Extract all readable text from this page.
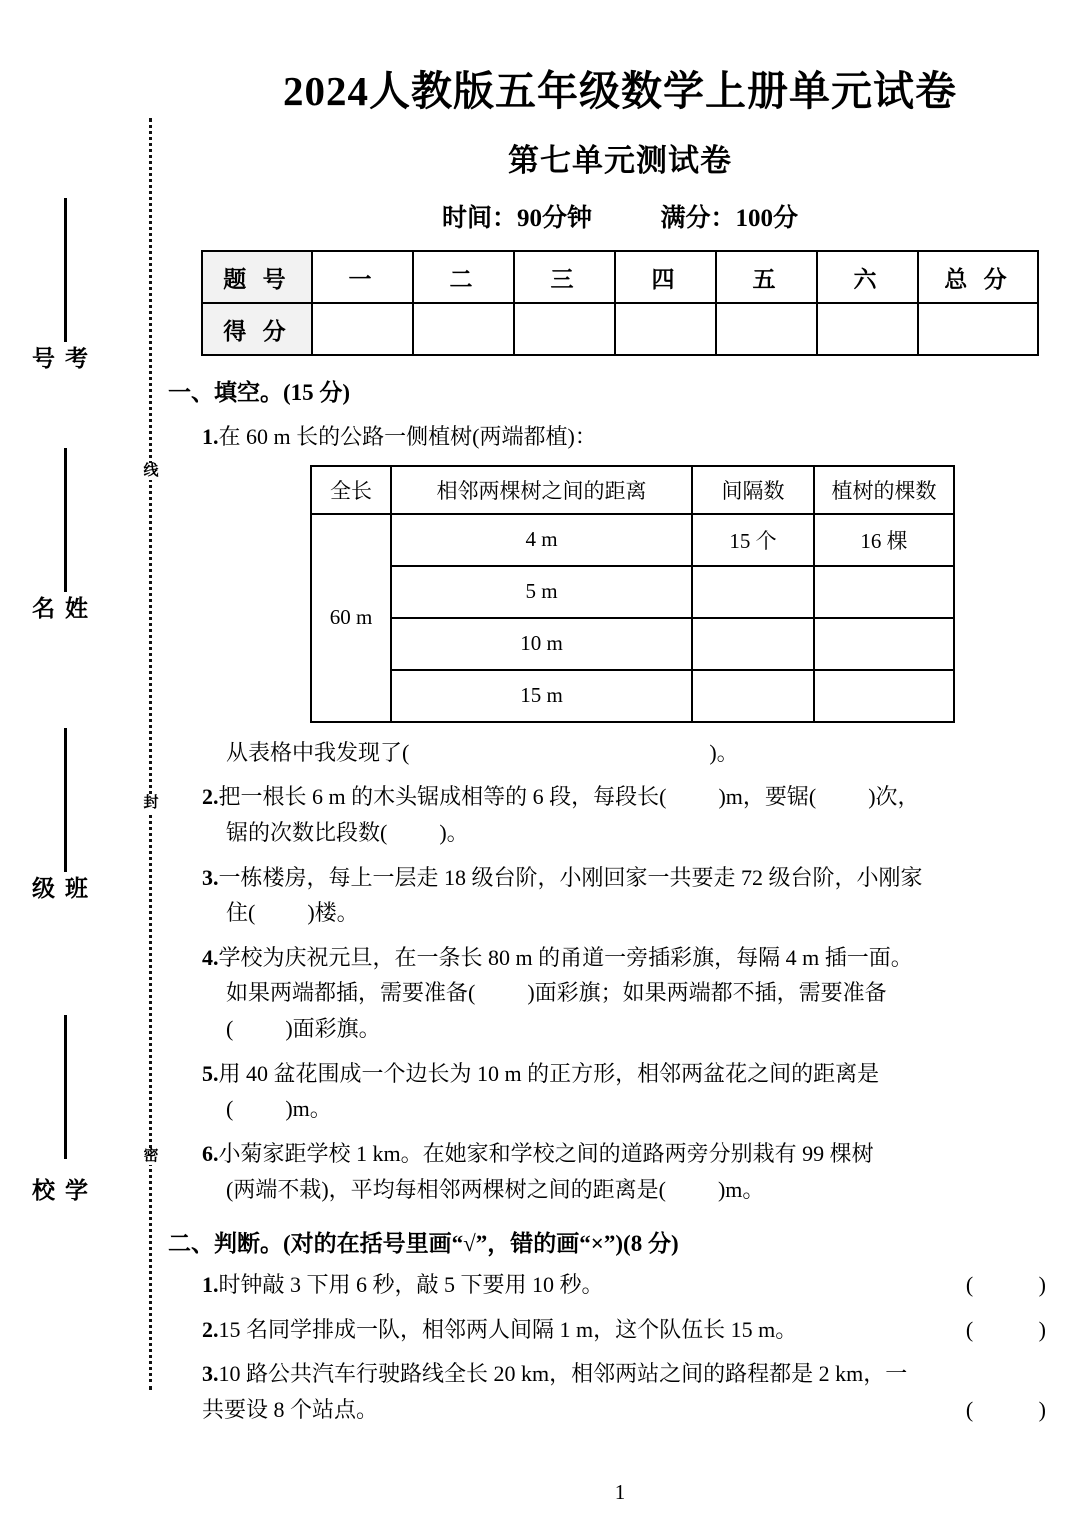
线
封
密
考号
姓名
班级
学校
2024人教版五年级数学上册单元试卷
第七单元测试卷

时间：90分钟	满分：100分

题 号	一	二	三	四	五	六	总 分
得 分							
一、填空。(15 分)
1.在 60 m 长的公路一侧植树(两端都植)：
全长	相邻两棵树之间的距离	间隔数	植树的棵数
60 m	4 m	15 个	16 棵
	5 m		
	10 m		
	15 m		
从表格中我发现了(	)。
2.把一根长 6 m 的木头锯成相等的 6 段，每段长( )m，要锯( )次，
锯的次数比段数( )。
3.一栋楼房，每上一层走 18 级台阶，小刚回家一共要走 72 级台阶，小刚家
住( )楼。
4.学校为庆祝元旦，在一条长 80 m 的甬道一旁插彩旗，每隔 4 m 插一面。
如果两端都插，需要准备( )面彩旗；如果两端都不插，需要准备
( )面彩旗。
5.用 40 盆花围成一个边长为 10 m 的正方形，相邻两盆花之间的距离是
( )m。
6.小菊家距学校 1 km。在她家和学校之间的道路两旁分别栽有 99 棵树
(两端不栽)，平均每相邻两棵树之间的距离是( )m。
二、判断。(对的在括号里画“√”，错的画“×”)(8 分)
1.时钟敲 3 下用 6 秒，敲 5 下要用 10 秒。	( )
2.15 名同学排成一队，相邻两人间隔 1 m，这个队伍长 15 m。	( )
3.10 路公共汽车行驶路线全长 20 km，相邻两站之间的路程都是 2 km，一
共要设 8 个站点。	( )
1
